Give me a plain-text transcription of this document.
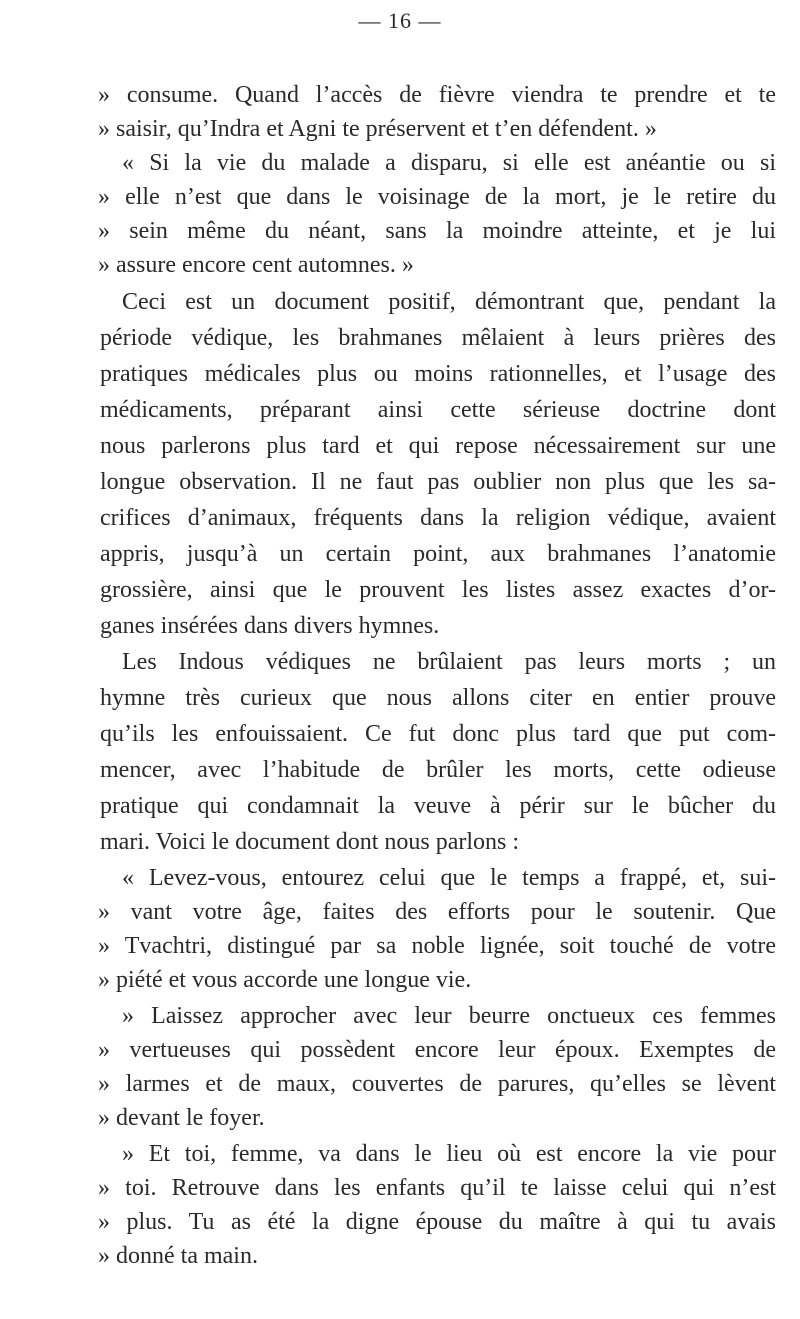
— 16 —
» consume. Quand l’accès de fièvre viendra te prendre et te
» saisir, qu’Indra et Agni te préservent et t’en défendent. »
« Si la vie du malade a disparu, si elle est anéantie ou si
» elle n’est que dans le voisinage de la mort, je le retire du
» sein même du néant, sans la moindre atteinte, et je lui
» assure encore cent automnes. »
Ceci est un document positif, démontrant que, pendant la
période védique, les brahmanes mêlaient à leurs prières des
pratiques médicales plus ou moins rationnelles, et l’usage des
médicaments, préparant ainsi cette sérieuse doctrine dont
nous parlerons plus tard et qui repose nécessairement sur une
longue observation. Il ne faut pas oublier non plus que les sa-
crifices d’animaux, fréquents dans la religion védique, avaient
appris, jusqu’à un certain point, aux brahmanes l’anatomie
grossière, ainsi que le prouvent les listes assez exactes d’or-
ganes insérées dans divers hymnes.
Les Indous védiques ne brûlaient pas leurs morts ; un
hymne très curieux que nous allons citer en entier prouve
qu’ils les enfouissaient. Ce fut donc plus tard que put com-
mencer, avec l’habitude de brûler les morts, cette odieuse
pratique qui condamnait la veuve à périr sur le bûcher du
mari. Voici le document dont nous parlons :
« Levez-vous, entourez celui que le temps a frappé, et, sui-
» vant votre âge, faites des efforts pour le soutenir. Que
» Tvachtri, distingué par sa noble lignée, soit touché de votre
» piété et vous accorde une longue vie.
» Laissez approcher avec leur beurre onctueux ces femmes
» vertueuses qui possèdent encore leur époux. Exemptes de
» larmes et de maux, couvertes de parures, qu’elles se lèvent
» devant le foyer.
» Et toi, femme, va dans le lieu où est encore la vie pour
» toi. Retrouve dans les enfants qu’il te laisse celui qui n’est
» plus. Tu as été la digne épouse du maître à qui tu avais
» donné ta main.
